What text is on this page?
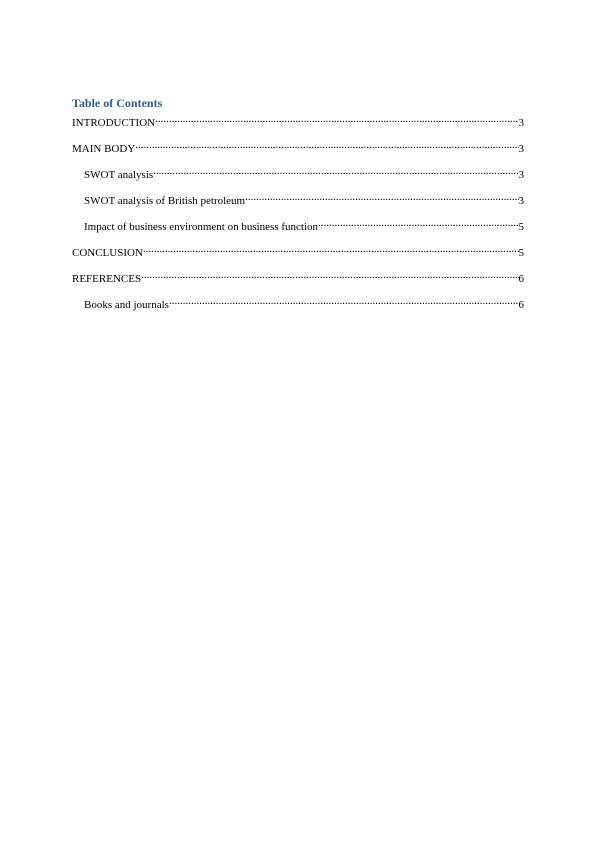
Table of Contents
INTRODUCTION .....	3
MAIN BODY .....	3
SWOT analysis .....	3
SWOT analysis of British petroleum .....	3
Impact of business environment on business function .....	5
CONCLUSION .....	5
REFERENCES .....	6
Books and journals .....	6
